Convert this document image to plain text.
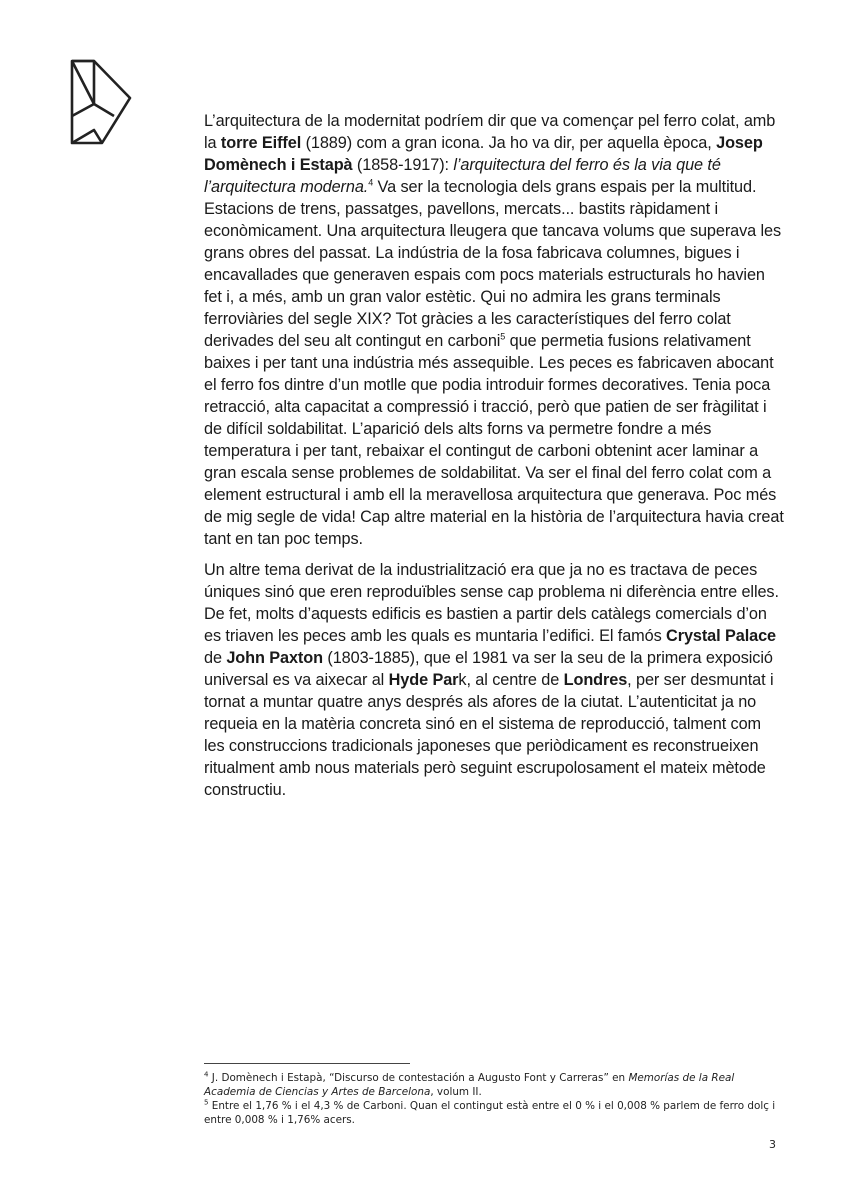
L’arquitectura de la modernitat podríem dir que va començar pel ferro colat, amb la torre Eiffel (1889) com a gran icona. Ja ho va dir, per aquella època, Josep Domènech i Estapà (1858-1917): l’arquitectura del ferro és la via que té l’arquitectura moderna.$^4$ Va ser la tecnologia dels grans espais per la multitud. Estacions de trens, passatges, pavellons, mercats... bastits ràpidament i econòmicament. Una arquitectura lleugera que tancava volums que superava les grans obres del passat. La indústria de la fosa fabricava columnes, bigues i encavallades que generaven espais com pocs materials estructurals ho havien fet i, a més, amb un gran valor estètic. Qui no admira les grans terminals ferroviàries del segle XIX? Tot gràcies a les característiques del ferro colat derivades del seu alt contingut en carboni$^5$ que permetia fusions relativament baixes i per tant una indústria més assequible. Les peces es fabricaven abocant el ferro fos dintre d’un motlle que podia introduir formes decoratives. Tenia poca retracció, alta capacitat a compressió i tracció, però que patien de ser fràgilitat i de difícil soldabilitat. L’aparició dels alts forns va permetre fondre a més temperatura i per tant, rebaixar el contingut de carboni obtenint acer laminar a gran escala sense problemes de soldabilitat. Va ser el final del ferro colat com a element estructural i amb ell la meravellosa arquitectura que generava. Poc més de mig segle de vida! Cap altre material en la història de l’arquitectura havia creat tant en tan poc temps.

Un altre tema derivat de la industrialització era que ja no es tractava de peces úniques sinó que eren reproduïbles sense cap problema ni diferència entre elles. De fet, molts d’aquests edificis es bastien a partir dels catàlegs comercials d’on es triaven les peces amb les quals es muntaria l’edifici. El famós Crystal Palace de John Paxton (1803-1885), que el 1981 va ser la seu de la primera exposició universal es va aixecar al Hyde Park, al centre de Londres, per ser desmuntat i tornat a muntar quatre anys després als afores de la ciutat. L’autenticitat ja no requeia en la matèria concreta sinó en el sistema de reproducció, talment com les construccions tradicionals japoneses que periòdicament es reconstrueixen ritualment amb nous materials però seguint escrupolosament el mateix mètode constructiu.

$^4$ J. Domènech i Estapà, “Discurso de contestación a Augusto Font y Carreras” en Memorías de la Real Academia de Ciencias y Artes de Barcelona, volum II.

$^5$ Entre el 1,76 % i el 4,3 % de Carboni. Quan el contingut està entre el 0 % i el 0,008 % parlem de ferro dolç i entre 0,008 % i 1,76% acers.

3
